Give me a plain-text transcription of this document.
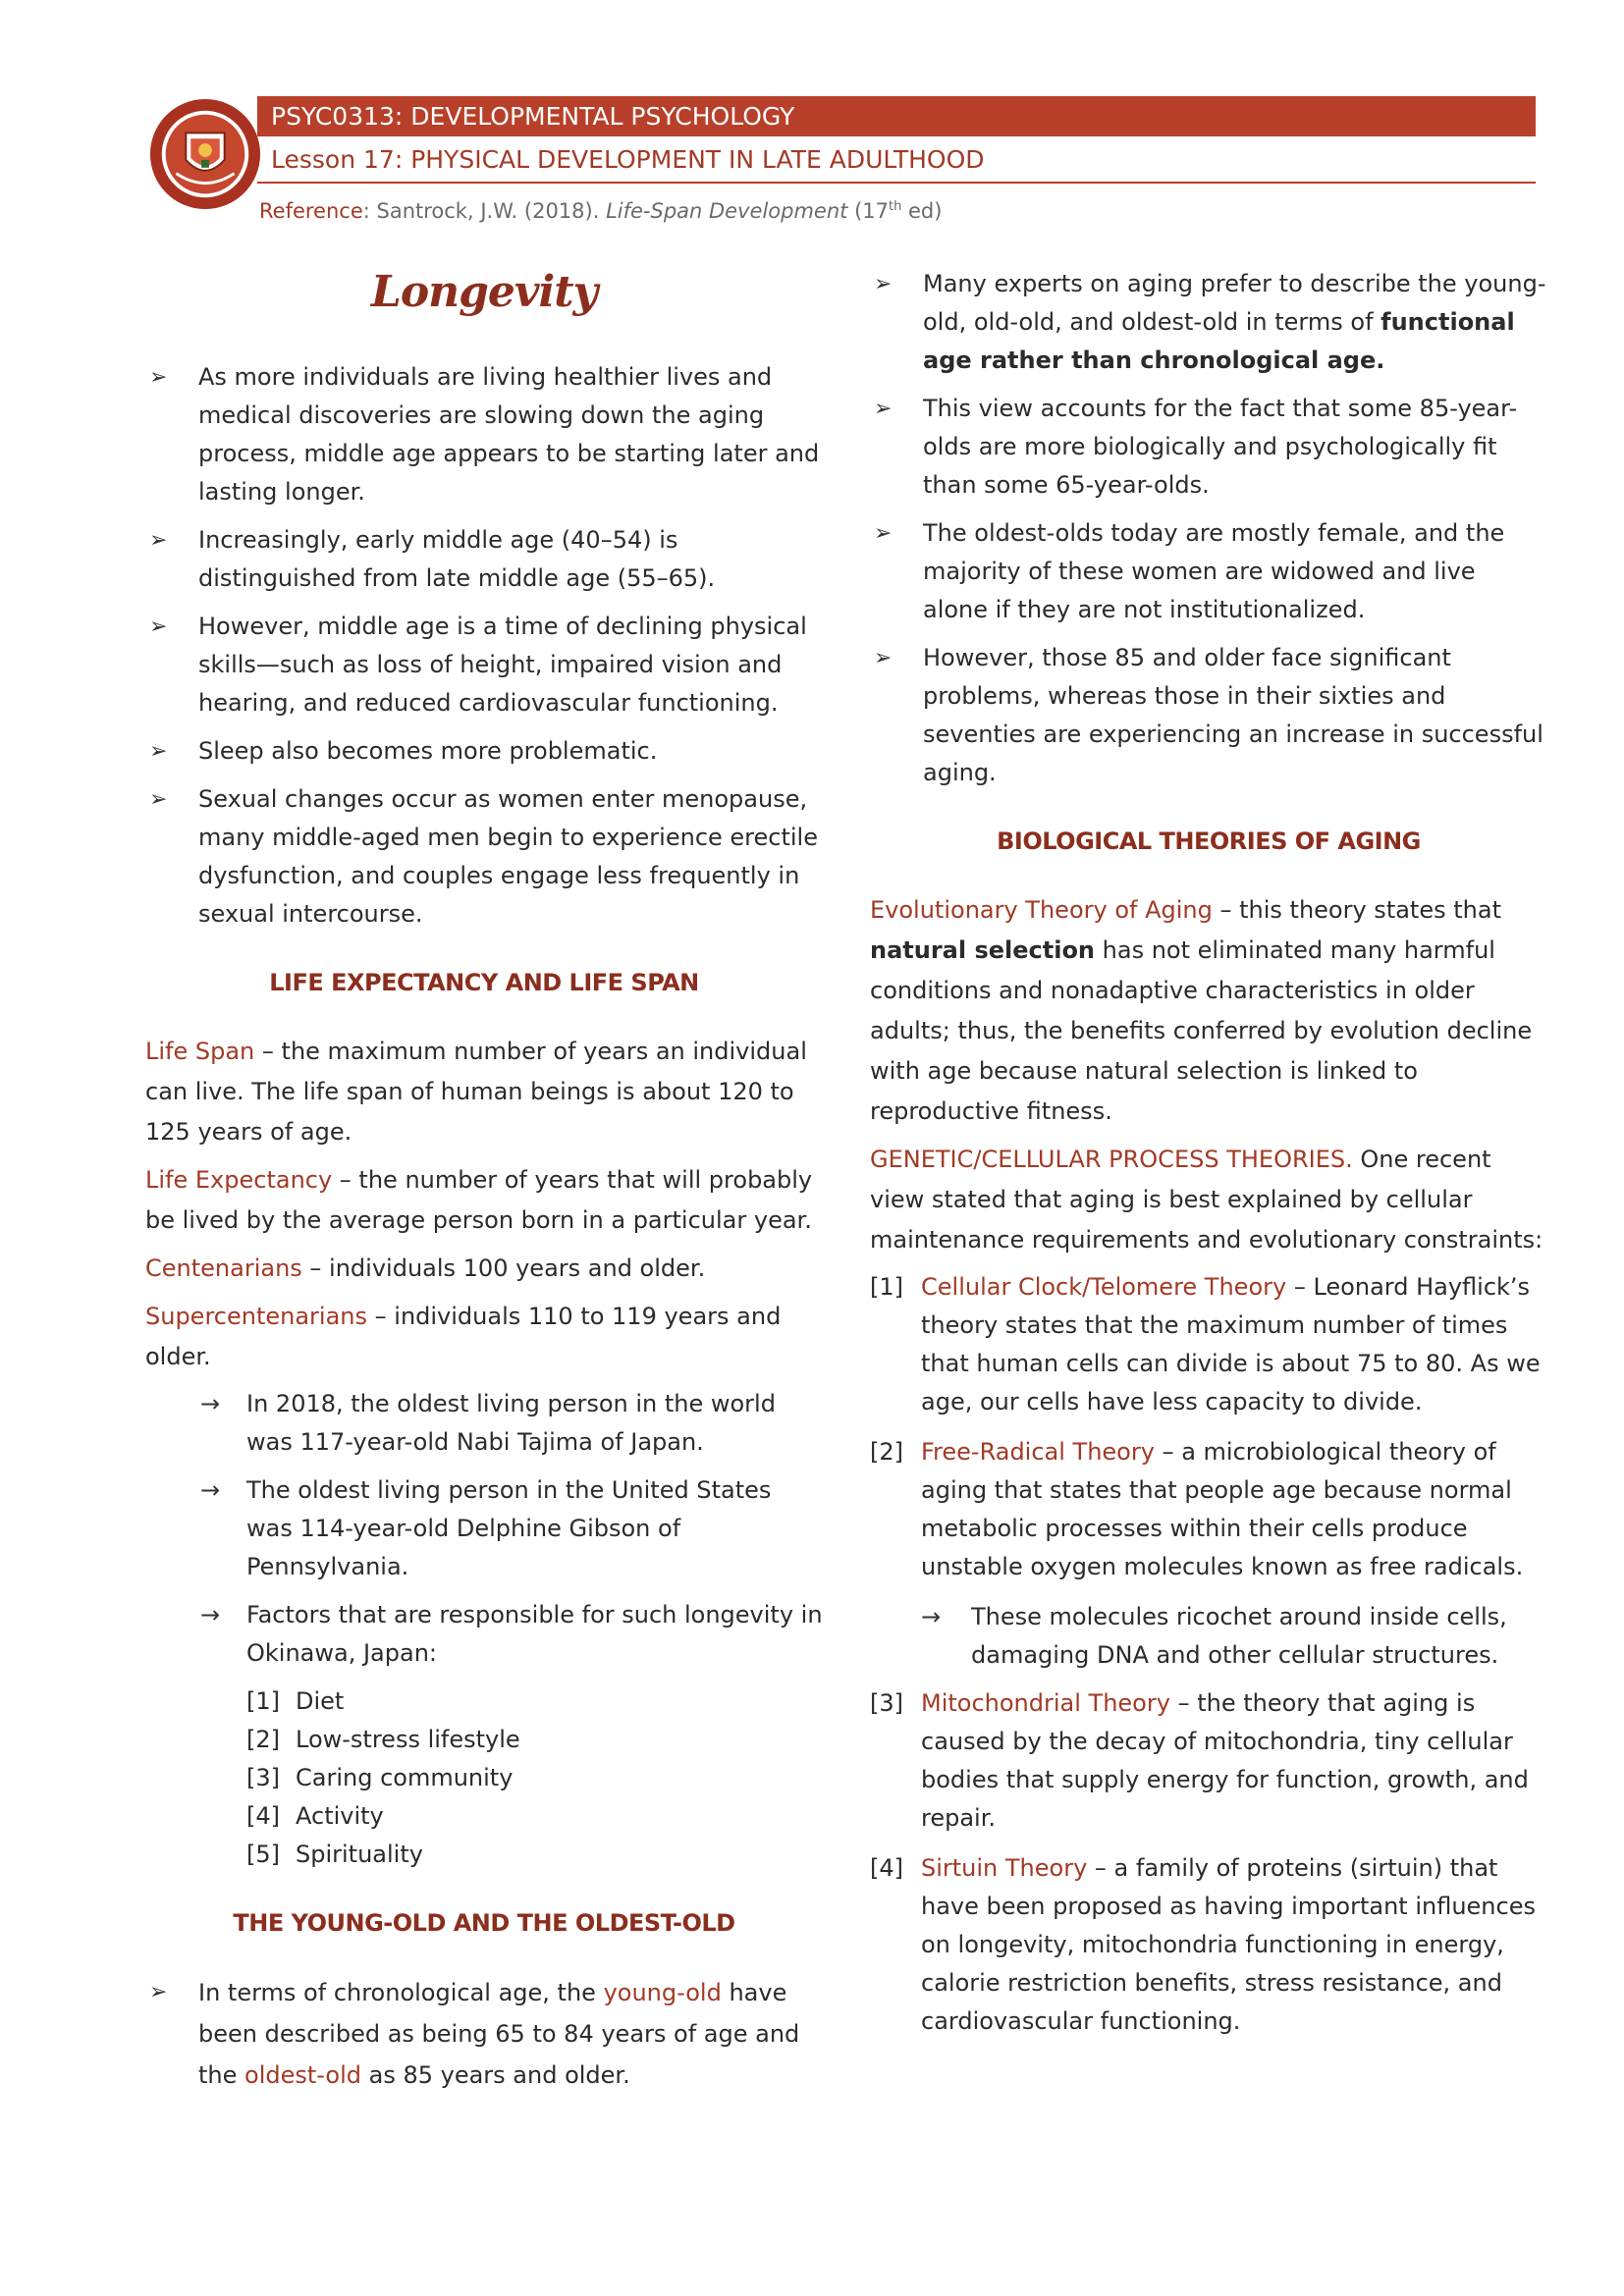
PSYC0313: DEVELOPMENTAL PSYCHOLOGY
Lesson 17: PHYSICAL DEVELOPMENT IN LATE ADULTHOOD
Reference: Santrock, J.W. (2018). Life-Span Development (17th ed)
Longevity
➢ As more individuals are living healthier lives and medical discoveries are slowing down the aging process, middle age appears to be starting later and lasting longer.
➢ Increasingly, early middle age (40–54) is distinguished from late middle age (55–65).
➢ However, middle age is a time of declining physical skills—such as loss of height, impaired vision and hearing, and reduced cardiovascular functioning.
➢ Sleep also becomes more problematic.
➢ Sexual changes occur as women enter menopause, many middle-aged men begin to experience erectile dysfunction, and couples engage less frequently in sexual intercourse.
LIFE EXPECTANCY AND LIFE SPAN
Life Span – the maximum number of years an individual can live. The life span of human beings is about 120 to 125 years of age.
Life Expectancy – the number of years that will probably be lived by the average person born in a particular year.
Centenarians – individuals 100 years and older.
Supercentenarians – individuals 110 to 119 years and older.
→ In 2018, the oldest living person in the world was 117-year-old Nabi Tajima of Japan.
→ The oldest living person in the United States was 114-year-old Delphine Gibson of Pennsylvania.
→ Factors that are responsible for such longevity in Okinawa, Japan:
[1] Diet
[2] Low-stress lifestyle
[3] Caring community
[4] Activity
[5] Spirituality
THE YOUNG-OLD AND THE OLDEST-OLD
➢ In terms of chronological age, the young-old have been described as being 65 to 84 years of age and the oldest-old as 85 years and older.
➢ Many experts on aging prefer to describe the young-old, old-old, and oldest-old in terms of functional age rather than chronological age.
➢ This view accounts for the fact that some 85-year-olds are more biologically and psychologically fit than some 65-year-olds.
➢ The oldest-olds today are mostly female, and the majority of these women are widowed and live alone if they are not institutionalized.
➢ However, those 85 and older face significant problems, whereas those in their sixties and seventies are experiencing an increase in successful aging.
BIOLOGICAL THEORIES OF AGING
Evolutionary Theory of Aging – this theory states that natural selection has not eliminated many harmful conditions and nonadaptive characteristics in older adults; thus, the benefits conferred by evolution decline with age because natural selection is linked to reproductive fitness.
GENETIC/CELLULAR PROCESS THEORIES. One recent view stated that aging is best explained by cellular maintenance requirements and evolutionary constraints:
[1] Cellular Clock/Telomere Theory – Leonard Hayflick’s theory states that the maximum number of times that human cells can divide is about 75 to 80. As we age, our cells have less capacity to divide.
[2] Free-Radical Theory – a microbiological theory of aging that states that people age because normal metabolic processes within their cells produce unstable oxygen molecules known as free radicals.
→ These molecules ricochet around inside cells, damaging DNA and other cellular structures.
[3] Mitochondrial Theory – the theory that aging is caused by the decay of mitochondria, tiny cellular bodies that supply energy for function, growth, and repair.
[4] Sirtuin Theory – a family of proteins (sirtuin) that have been proposed as having important influences on longevity, mitochondria functioning in energy, calorie restriction benefits, stress resistance, and cardiovascular functioning.
